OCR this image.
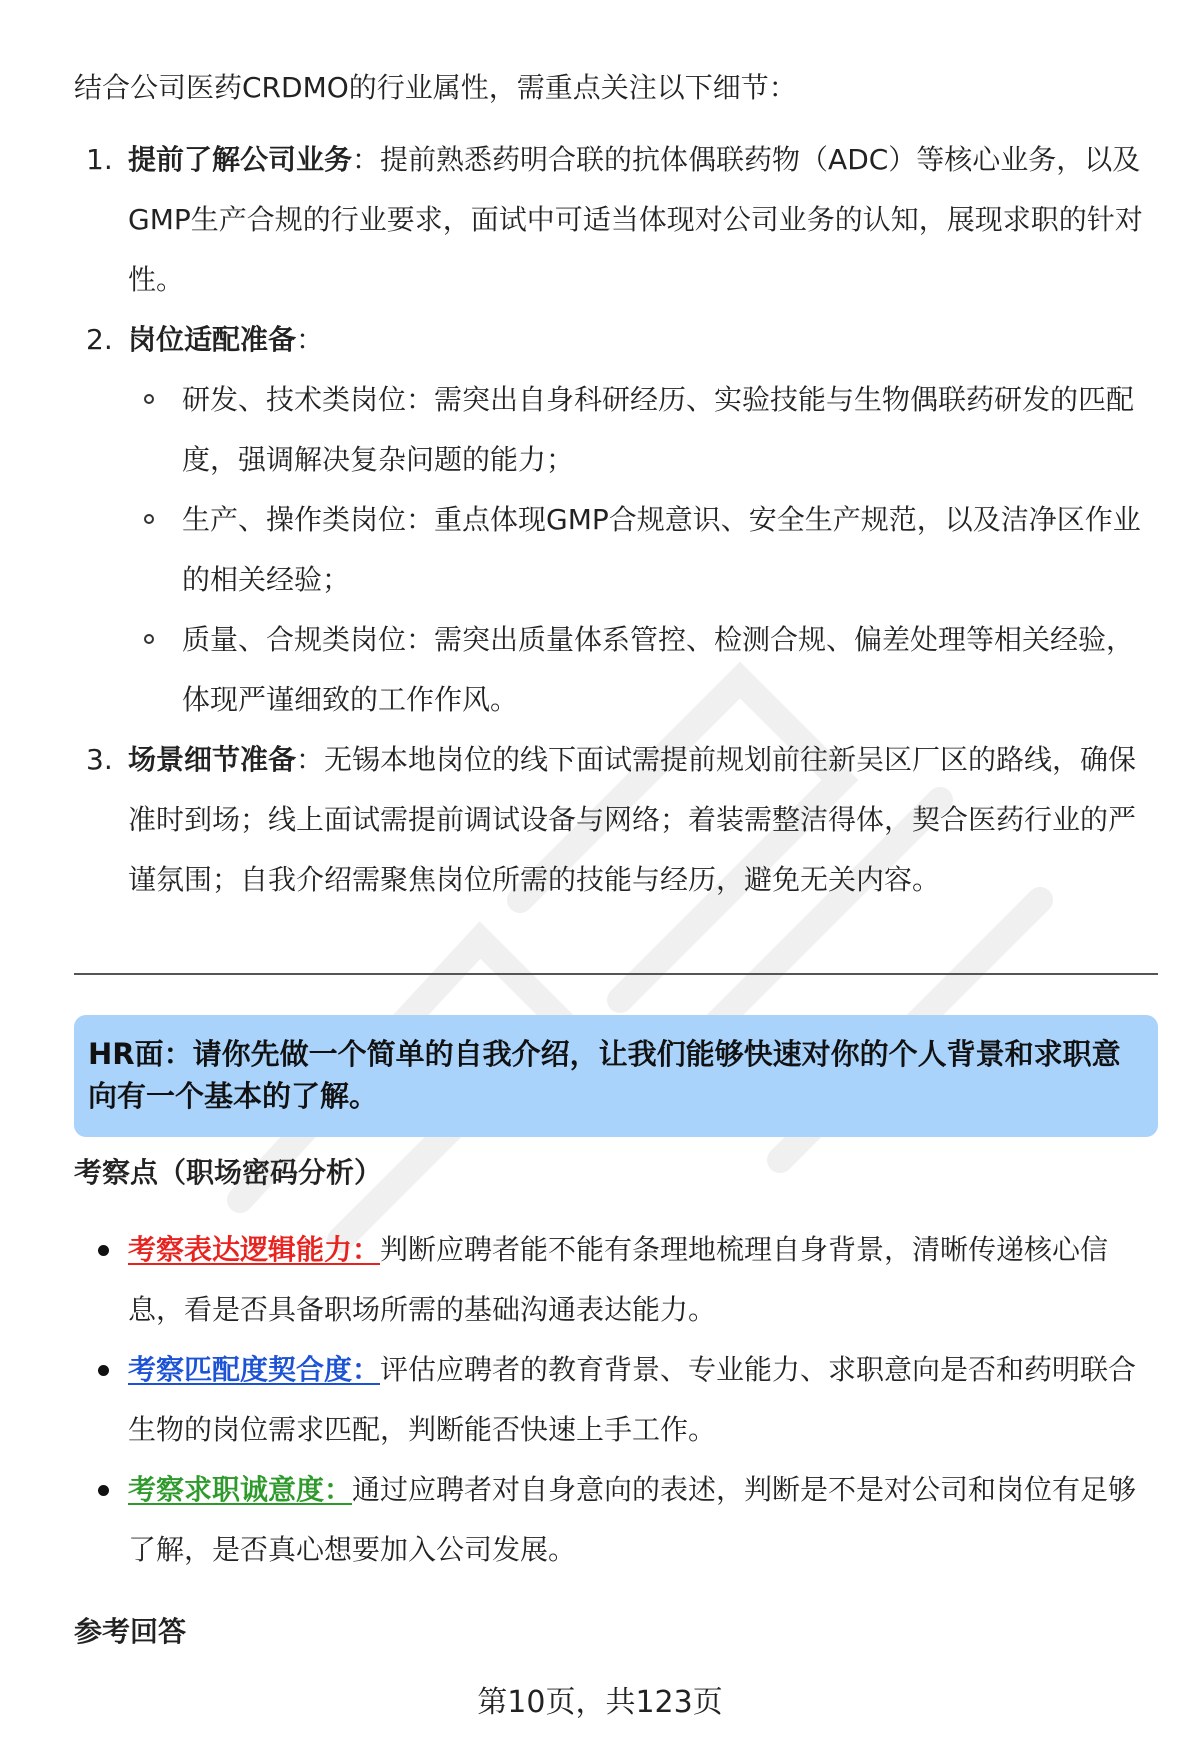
结合公司医药CRDMO的行业属性，需重点关注以下细节：
1. 提前了解公司业务：提前熟悉药明合联的抗体偶联药物（ADC）等核心业务，以及GMP生产合规的行业要求，面试中可适当体现对公司业务的认知，展现求职的针对性。
2. 岗位适配准备：
研发、技术类岗位：需突出自身科研经历、实验技能与生物偶联药研发的匹配度，强调解决复杂问题的能力；
生产、操作类岗位：重点体现GMP合规意识、安全生产规范，以及洁净区作业的相关经验；
质量、合规类岗位：需突出质量体系管控、检测合规、偏差处理等相关经验，体现严谨细致的工作作风。
3. 场景细节准备：无锡本地岗位的线下面试需提前规划前往新吴区厂区的路线，确保准时到场；线上面试需提前调试设备与网络；着装需整洁得体，契合医药行业的严谨氛围；自我介绍需聚焦岗位所需的技能与经历，避免无关内容。
HR面：请你先做一个简单的自我介绍，让我们能够快速对你的个人背景和求职意向有一个基本的了解。
考察点（职场密码分析）
考察表达逻辑能力：判断应聘者能不能有条理地梳理自身背景，清晰传递核心信息，看是否具备职场所需的基础沟通表达能力。
考察匹配度契合度：评估应聘者的教育背景、专业能力、求职意向是否和药明联合生物的岗位需求匹配，判断能否快速上手工作。
考察求职诚意度：通过应聘者对自身意向的表述，判断是不是对公司和岗位有足够了解，是否真心想要加入公司发展。
参考回答
第10页，共123页
